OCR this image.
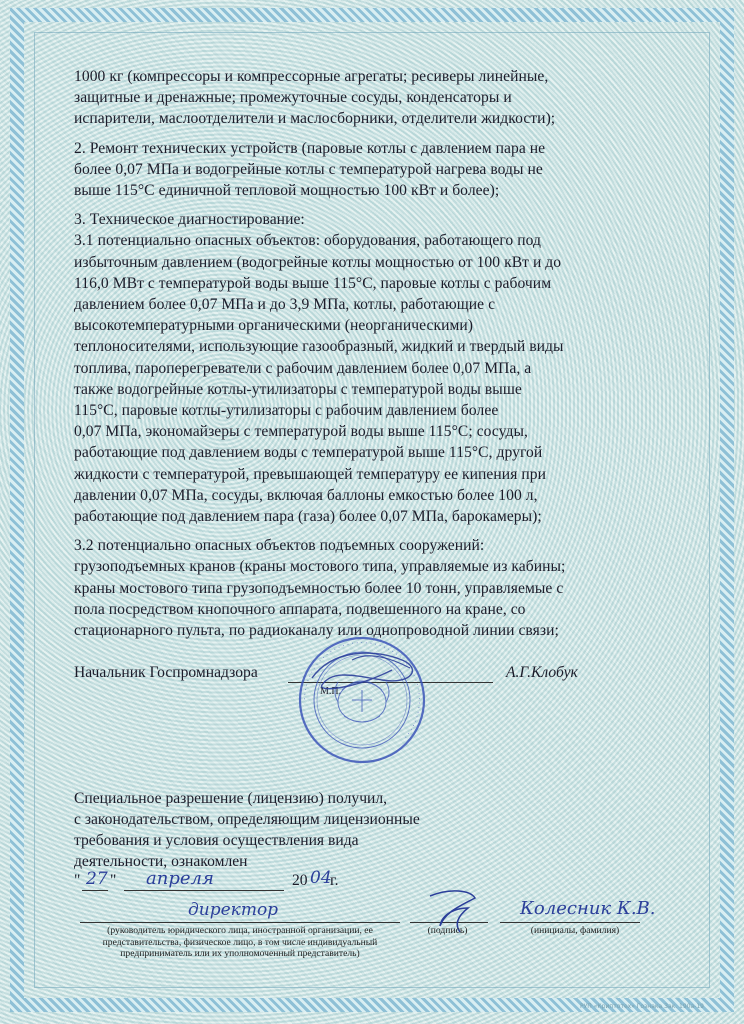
1000 кг (компрессоры и компрессорные агрегаты; ресиверы линейные,
защитные и дренажные; промежуточные сосуды, конденсаторы и
испарители, маслоотделители и маслосборники, отделители жидкости);

2. Ремонт технических устройств (паровые котлы с давлением пара не
более 0,07 МПа и водогрейные котлы с температурой нагрева воды не
выше 115°С единичной тепловой мощностью 100 кВт и более);

3. Техническое диагностирование:

3.1 потенциально опасных объектов: оборудования, работающего под
избыточным давлением (водогрейные котлы мощностью от 100 кВт и до
116,0 МВт с температурой воды выше 115°С, паровые котлы с рабочим
давлением более 0,07 МПа и до 3,9 МПа, котлы, работающие с
высокотемпературными органическими (неорганическими)
теплоносителями, использующие газообразный, жидкий и твердый виды
топлива, пароперегреватели с рабочим давлением более 0,07 МПа, а
также водогрейные котлы-утилизаторы с температурой воды выше
115°С, паровые котлы-утилизаторы с рабочим давлением более
0,07 МПа, экономайзеры с температурой воды выше 115°С; сосуды,
работающие под давлением воды с температурой выше 115°С, другой
жидкости с температурой, превышающей температуру ее кипения при
давлении 0,07 МПа, сосуды, включая баллоны емкостью более 100 л,
работающие под давлением пара (газа) более 0,07 МПа, барокамеры);

3.2 потенциально опасных объектов подъемных сооружений:
грузоподъемных кранов (краны мостового типа, управляемые из кабины;
краны мостового типа грузоподъемностью более 10 тонн, управляемые с
пола посредством кнопочного аппарата, подвешенного на кране, со
стационарного пульта, по радиоканалу или однопроводной линии связи;

Начальник Госпромнадзора
М.П.
А.Г.Клобук
· · · · · · · · · · · · · · · · · · · · · · · · · · · · · · · · · · · · · · · · · · · · · · · ·

Специальное разрешение (лицензию) получил,
с законодательством, определяющим лицензионные
требования и условия осуществления вида
деятельности, ознакомлен

" 27 " апреля	20 04
г.
директор	Колесник К.В.
(руководитель юридического лица, иностранной организации, ее
представительства, физическое лицо, в том числе индивидуальный
предприниматель или их уполномоченный представитель)
(подпись)	(инициалы, фамилия)
РУП «Криптотех» Гознака Зак. 190а-19
